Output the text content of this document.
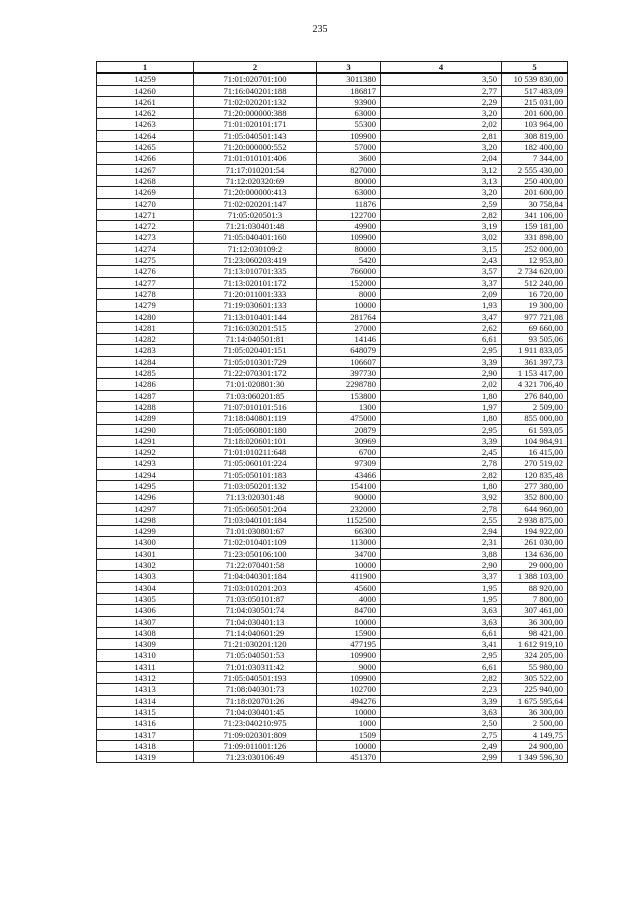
235
1	2	3	4	5
14259	71:01:020701:100	3011380	3,50	10 539 830,00
14260	71:16:040201:188	186817	2,77	517 483,09
14261	71:02:020201:132	93900	2,29	215 031,00
14262	71:20:000000:388	63000	3,20	201 600,00
14263	71:01:020101:171	55300	2,02	103 964,00
14264	71:05:040501:143	109900	2,81	308 819,00
14265	71:20:000000:552	57000	3,20	182 400,00
14266	71:01:010101:406	3600	2,04	7 344,00
14267	71:17:010201:54	827000	3,12	2 555 430,00
14268	71:12:020320:69	80000	3,13	250 400,00
14269	71:20:000000:413	63000	3,20	201 600,00
14270	71:02:020201:147	11876	2,59	30 758,84
14271	71:05:020501:3	122700	2,82	341 106,00
14272	71:21:030401:48	49900	3,19	159 181,00
14273	71:05:040401:160	109900	3,02	331 898,00
14274	71:12:030109:2	80000	3,15	252 000,00
14275	71:23:060203:419	5420	2,43	12 953,80
14276	71:13:010701:335	766000	3,57	2 734 620,00
14277	71:13:020101:172	152000	3,37	512 240,00
14278	71:20:011001:333	8000	2,09	16 720,00
14279	71:19:030601:133	10000	1,93	19 300,00
14280	71:13:010401:144	281764	3,47	977 721,08
14281	71:16:030201:515	27000	2,62	69 660,00
14282	71:14:040501:81	14146	6,61	93 505,06
14283	71:05:020401:151	648079	2,95	1 911 833,05
14284	71:05:010301:729	106607	3,39	361 397,73
14285	71:22:070301:172	397730	2,90	1 153 417,00
14286	71:01:020801:30	2298780	2,02	4 321 706,40
14287	71:03:060201:85	153800	1,80	276 840,00
14288	71:07:010101:516	1300	1,97	2 509,00
14289	71:18:040801:119	475000	1,80	855 000,00
14290	71:05:060801:180	20879	2,95	61 593,05
14291	71:18:020601:101	30969	3,39	104 984,91
14292	71:01:010211:648	6700	2,45	16 415,00
14293	71:05:060101:224	97309	2,78	270 519,02
14294	71:05:050101:183	43466	2,82	120 835,48
14295	71:03:050201:132	154100	1,80	277 380,00
14296	71:13:020301:48	90000	3,92	352 800,00
14297	71:05:060501:204	232000	2,78	644 960,00
14298	71:03:040101:184	1152500	2,55	2 938 875,00
14299	71:01:030801:67	66300	2,94	194 922,00
14300	71:02:010401:109	113000	2,31	261 030,00
14301	71:23:050106:100	34700	3,88	134 636,00
14302	71:22:070401:58	10000	2,90	29 000,00
14303	71:04:040301:184	411900	3,37	1 388 103,00
14304	71:03:010201:203	45600	1,95	88 920,00
14305	71:03:050101:87	4000	1,95	7 800,00
14306	71:04:030501:74	84700	3,63	307 461,00
14307	71:04:030401:13	10000	3,63	36 300,00
14308	71:14:040601:29	15900	6,61	98 421,00
14309	71:21:030201:120	477195	3,41	1 612 919,10
14310	71:05:040501:53	109900	2,95	324 205,00
14311	71:01:030311:42	9000	6,61	55 980,00
14312	71:05:040501:193	109900	2,82	305 522,00
14313	71:08:040301:73	102700	2,23	225 940,00
14314	71:18:020701:26	494276	3,39	1 675 595,64
14315	71:04:030401:45	10000	3,63	36 300,00
14316	71:23:040210:975	1000	2,50	2 500,00
14317	71:09:020301:809	1509	2,75	4 149,75
14318	71:09:011001:126	10000	2,49	24 900,00
14319	71:23:030106:49	451370	2,99	1 349 596,30
